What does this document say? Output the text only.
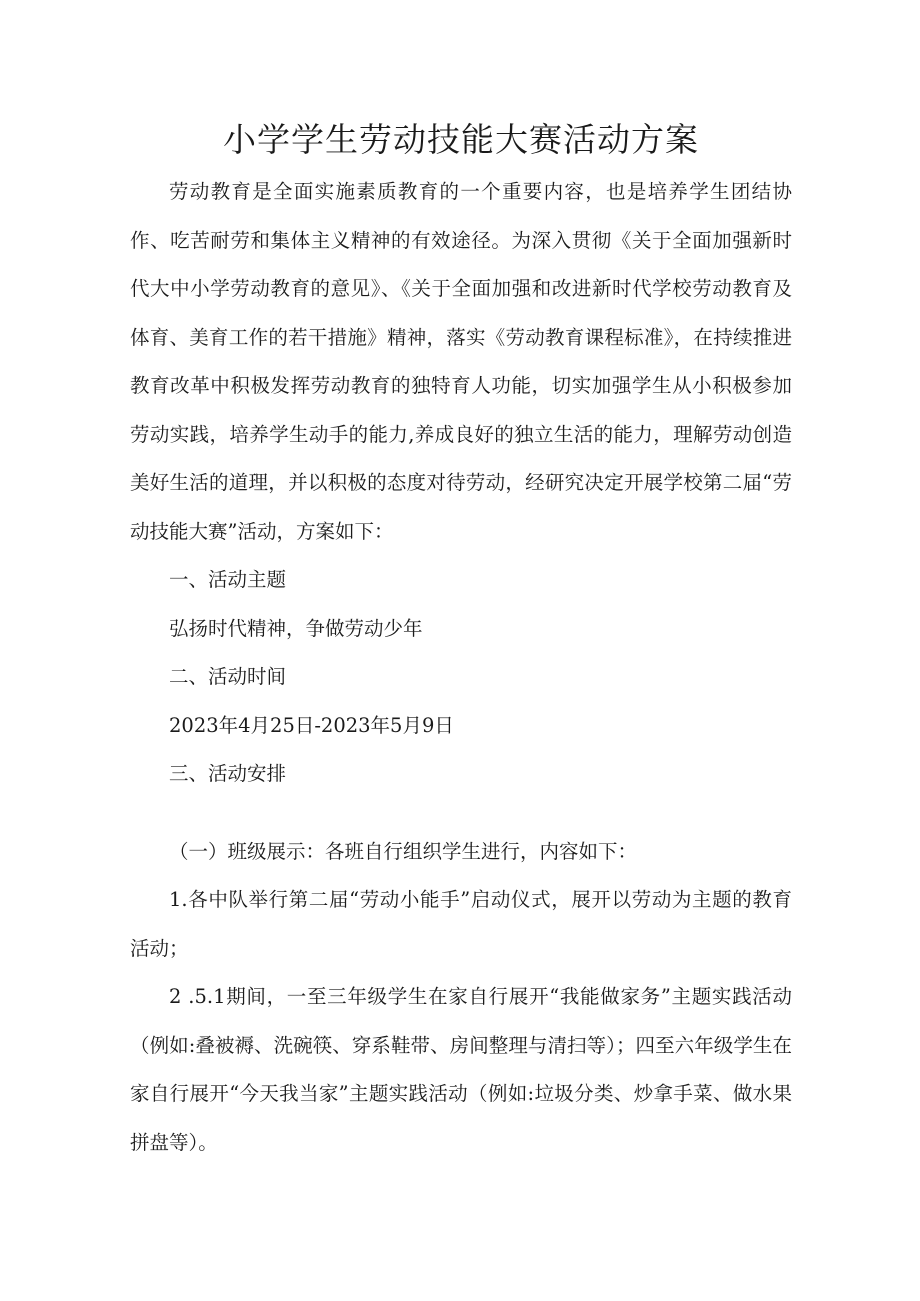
小学学生劳动技能大赛活动方案

劳动教育是全面实施素质教育的一个重要内容，也是培养学生团结协作、吃苦耐劳和集体主义精神的有效途径。为深入贯彻《关于全面加强新时代大中小学劳动教育的意见》、《关于全面加强和改进新时代学校劳动教育及体育、美育工作的若干措施》精神，落实《劳动教育课程标准》，在持续推进教育改革中积极发挥劳动教育的独特育人功能，切实加强学生从小积极参加劳动实践，培养学生动手的能力,养成良好的独立生活的能力，理解劳动创造美好生活的道理，并以积极的态度对待劳动，经研究决定开展学校第二届“劳动技能大赛”活动，方案如下：

一、活动主题

弘扬时代精神，争做劳动少年

二、活动时间

2023年4月25日-2023年5月9日

三、活动安排

（一）班级展示：各班自行组织学生进行，内容如下：

1.各中队举行第二届“劳动小能手”启动仪式，展开以劳动为主题的教育活动；

2 .5.1期间，一至三年级学生在家自行展开“我能做家务”主题实践活动（例如:叠被褥、洗碗筷、穿系鞋带、房间整理与清扫等）；四至六年级学生在家自行展开“今天我当家”主题实践活动（例如:垃圾分类、炒拿手菜、做水果拼盘等）。
